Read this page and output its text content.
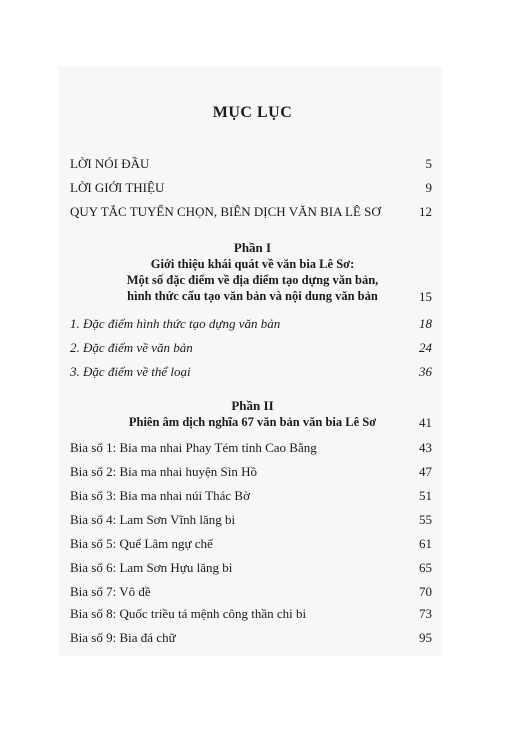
MỤC LỤC
LỜI NÓI ĐẦU	5
LỜI GIỚI THIỆU	9
QUY TẮC TUYỂN CHỌN, BIÊN DỊCH VĂN BIA LÊ SƠ	12
Phần I
Giới thiệu khái quát về văn bia Lê Sơ:
Một số đặc điểm về địa điểm tạo dựng văn bản,
hình thức cấu tạo văn bản và nội dung văn bản	15
1. Đặc điểm hình thức tạo dựng văn bản	18
2. Đặc điểm về văn bản	24
3. Đặc điểm về thể loại	36
Phần II
Phiên âm dịch nghĩa 67 văn bản văn bia Lê Sơ	41
Bia số 1: Bia ma nhai Phay Tém tỉnh Cao Bằng	43
Bia số 2: Bia ma nhai huyện Sìn Hồ	47
Bia số 3: Bia ma nhai núi Thác Bờ	51
Bia số 4: Lam Sơn Vĩnh lăng bi	55
Bia số 5: Quế Lâm ngự chế	61
Bia số 6: Lam Sơn Hựu lăng bi	65
Bia số 7: Vô đề	70
Bia số 8: Quốc triều tá mệnh công thần chi bi	73
Bia số 9: Bia đá chữ	95
